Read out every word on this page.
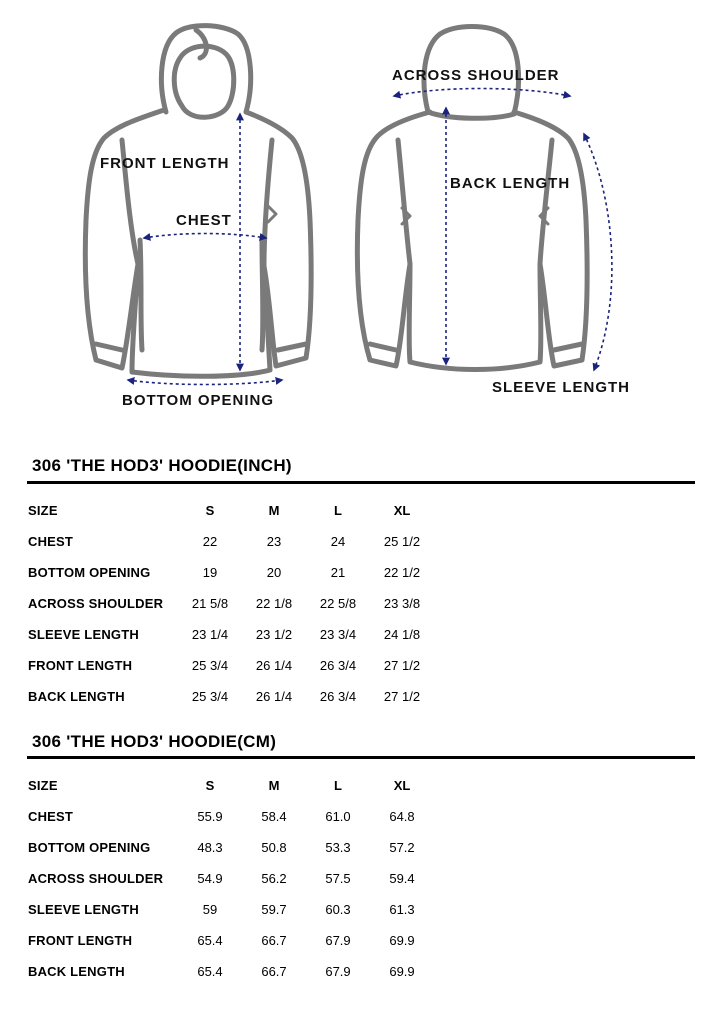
FRONT LENGTH
CHEST
BOTTOM OPENING
ACROSS SHOULDER
BACK LENGTH
SLEEVE LENGTH
306 'THE HOD3' HOODIE(INCH)
SIZE	S	M	L	XL
CHEST	22	23	24	25 1/2
BOTTOM OPENING	19	20	21	22 1/2
ACROSS SHOULDER	21 5/8	22 1/8	22 5/8	23 3/8
SLEEVE LENGTH	23 1/4	23 1/2	23 3/4	24 1/8
FRONT LENGTH	25 3/4	26 1/4	26 3/4	27 1/2
BACK LENGTH	25 3/4	26 1/4	26 3/4	27 1/2
306 'THE HOD3' HOODIE(CM)
SIZE	S	M	L	XL
CHEST	55.9	58.4	61.0	64.8
BOTTOM OPENING	48.3	50.8	53.3	57.2
ACROSS SHOULDER	54.9	56.2	57.5	59.4
SLEEVE LENGTH	59	59.7	60.3	61.3
FRONT LENGTH	65.4	66.7	67.9	69.9
BACK LENGTH	65.4	66.7	67.9	69.9
